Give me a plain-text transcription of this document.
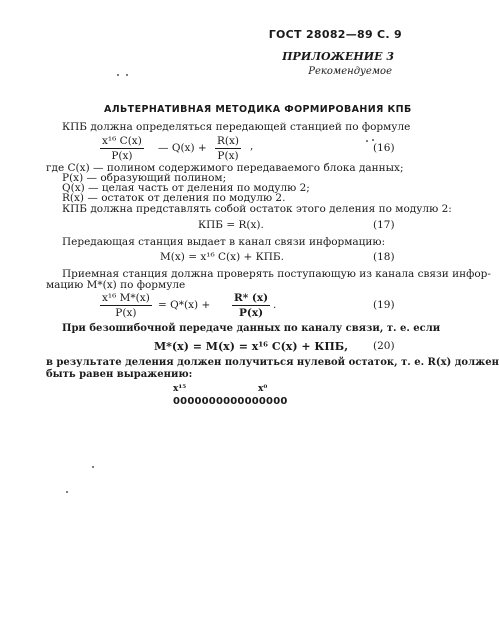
ГОСТ 28082—89 С. 9
ПРИЛОЖЕНИЕ 3
Рекомендуемое
АЛЬТЕРНАТИВНАЯ МЕТОДИКА ФОРМИРОВАНИЯ КПБ
КПБ должна определяться передающей станцией по формуле
$\frac{\text{x¹⁶ C(x)}}{P(x)}$ — $Q(x) + \frac{R(x)}{P(x)}$ ,	(16)
где C(x) — полином содержимого передаваемого блока данных;
P(x) — образующий полином;
Q(x) — целая часть от деления по модулю 2;
R(x) — остаток от деления по модулю 2.
КПБ должна представлять собой остаток этого деления по модулю 2:
КПБ = R(x).	(17)
Передающая станция выдает в канал связи информацию:
M(x) = x¹⁶ C(x) + КПБ.	(18)
Приемная станция должна проверять поступающую из канала связи инфор-
мацию M*(x) по формуле
$\frac{\text{x¹⁶ M*(x)}}{P(x)} = Q*(x) + \frac{R* (x)}{P(x)}$ .	(19)
При безошибочной передаче данных по каналу связи, т. е. если
M*(x) = M(x) = x¹⁶ C(x) + КПБ, (20)
в результате деления должен получиться нулевой остаток, т. е. R(x) должен
быть равен выражению:
x¹⁵	x⁰
0000000000000000
